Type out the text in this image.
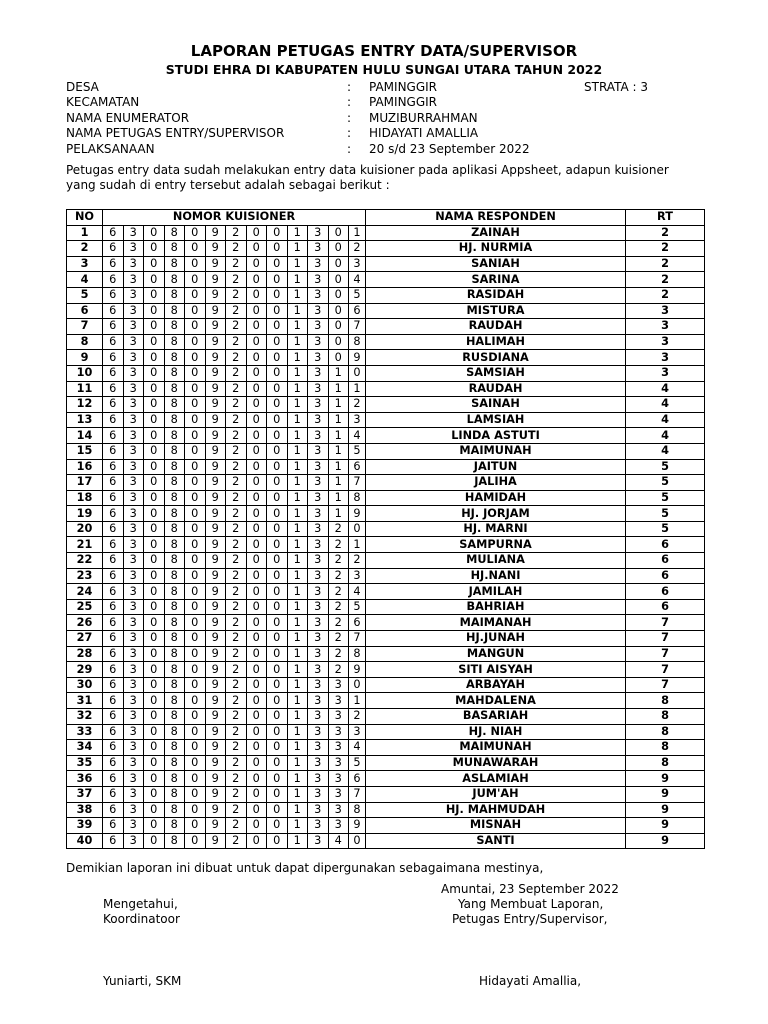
LAPORAN PETUGAS ENTRY DATA/SUPERVISOR
STUDI EHRA DI KABUPATEN HULU SUNGAI UTARA TAHUN 2022
DESA	: PAMINGGIR	STRATA : 3
KECAMATAN	: PAMINGGIR
NAMA ENUMERATOR	: MUZIBURRAHMAN
NAMA PETUGAS ENTRY/SUPERVISOR	: HIDAYATI AMALLIA
PELAKSANAAN	: 20 s/d 23 September 2022
Petugas entry data sudah melakukan entry data kuisioner pada aplikasi Appsheet, adapun kuisioner yang sudah di entry tersebut adalah sebagai berikut :
NO	NOMOR KUISIONER													NAMA RESPONDEN	RT
1	6	3	0	8	0	9	2	0	0	1	3	0	1	ZAINAH	2
2	6	3	0	8	0	9	2	0	0	1	3	0	2	HJ. NURMIA	2
3	6	3	0	8	0	9	2	0	0	1	3	0	3	SANIAH	2
4	6	3	0	8	0	9	2	0	0	1	3	0	4	SARINA	2
5	6	3	0	8	0	9	2	0	0	1	3	0	5	RASIDAH	2
6	6	3	0	8	0	9	2	0	0	1	3	0	6	MISTURA	3
7	6	3	0	8	0	9	2	0	0	1	3	0	7	RAUDAH	3
8	6	3	0	8	0	9	2	0	0	1	3	0	8	HALIMAH	3
9	6	3	0	8	0	9	2	0	0	1	3	0	9	RUSDIANA	3
10	6	3	0	8	0	9	2	0	0	1	3	1	0	SAMSIAH	3
11	6	3	0	8	0	9	2	0	0	1	3	1	1	RAUDAH	4
12	6	3	0	8	0	9	2	0	0	1	3	1	2	SAINAH	4
13	6	3	0	8	0	9	2	0	0	1	3	1	3	LAMSIAH	4
14	6	3	0	8	0	9	2	0	0	1	3	1	4	LINDA ASTUTI	4
15	6	3	0	8	0	9	2	0	0	1	3	1	5	MAIMUNAH	4
16	6	3	0	8	0	9	2	0	0	1	3	1	6	JAITUN	5
17	6	3	0	8	0	9	2	0	0	1	3	1	7	JALIHA	5
18	6	3	0	8	0	9	2	0	0	1	3	1	8	HAMIDAH	5
19	6	3	0	8	0	9	2	0	0	1	3	1	9	HJ. JORJAM	5
20	6	3	0	8	0	9	2	0	0	1	3	2	0	HJ. MARNI	5
21	6	3	0	8	0	9	2	0	0	1	3	2	1	SAMPURNA	6
22	6	3	0	8	0	9	2	0	0	1	3	2	2	MULIANA	6
23	6	3	0	8	0	9	2	0	0	1	3	2	3	HJ.NANI	6
24	6	3	0	8	0	9	2	0	0	1	3	2	4	JAMILAH	6
25	6	3	0	8	0	9	2	0	0	1	3	2	5	BAHRIAH	6
26	6	3	0	8	0	9	2	0	0	1	3	2	6	MAIMANAH	7
27	6	3	0	8	0	9	2	0	0	1	3	2	7	HJ.JUNAH	7
28	6	3	0	8	0	9	2	0	0	1	3	2	8	MANGUN	7
29	6	3	0	8	0	9	2	0	0	1	3	2	9	SITI AISYAH	7
30	6	3	0	8	0	9	2	0	0	1	3	3	0	ARBAYAH	7
31	6	3	0	8	0	9	2	0	0	1	3	3	1	MAHDALENA	8
32	6	3	0	8	0	9	2	0	0	1	3	3	2	BASARIAH	8
33	6	3	0	8	0	9	2	0	0	1	3	3	3	HJ. NIAH	8
34	6	3	0	8	0	9	2	0	0	1	3	3	4	MAIMUNAH	8
35	6	3	0	8	0	9	2	0	0	1	3	3	5	MUNAWARAH	8
36	6	3	0	8	0	9	2	0	0	1	3	3	6	ASLAMIAH	9
37	6	3	0	8	0	9	2	0	0	1	3	3	7	JUM'AH	9
38	6	3	0	8	0	9	2	0	0	1	3	3	8	HJ. MAHMUDAH	9
39	6	3	0	8	0	9	2	0	0	1	3	3	9	MISNAH	9
40	6	3	0	8	0	9	2	0	0	1	3	4	0	SANTI	9
Demikian laporan ini dibuat untuk dapat dipergunakan sebagaimana mestinya,
Amuntai, 23 September 2022
Mengetahui,
Koordinatoor
Yang Membuat Laporan,
Petugas Entry/Supervisor,
Yuniarti, SKM	Hidayati Amallia,
